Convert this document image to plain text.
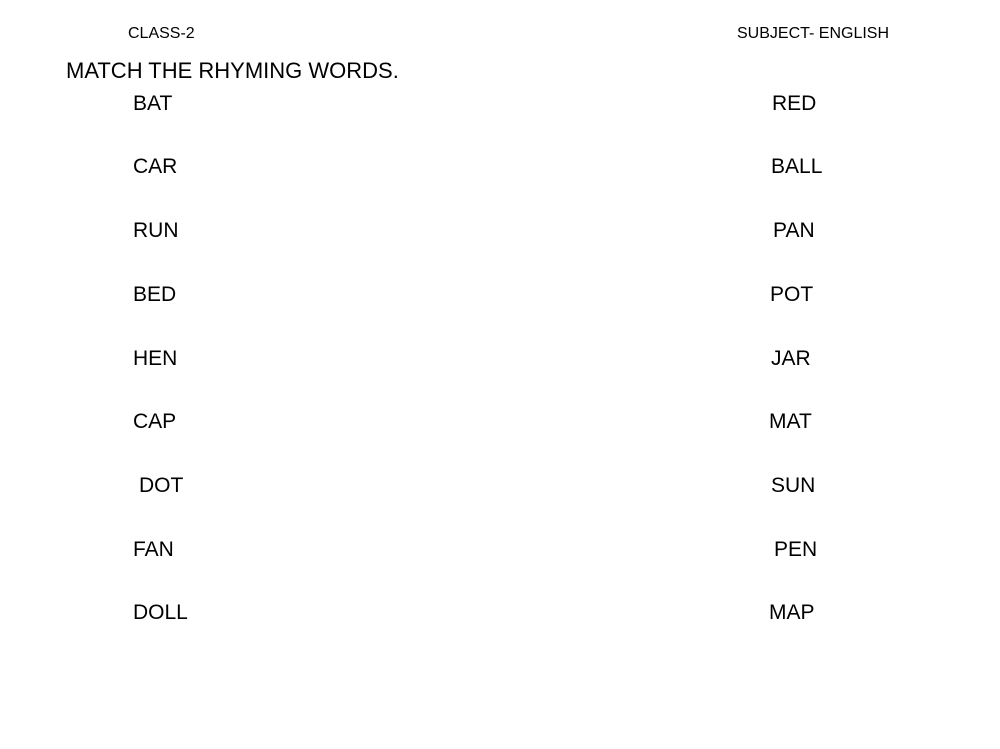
CLASS-2	SUBJECT- ENGLISH
MATCH THE RHYMING WORDS.
BAT
CAR
RUN
BED
HEN
CAP
DOT
FAN
DOLL
RED
BALL
PAN
POT
JAR
MAT
SUN
PEN
MAP
